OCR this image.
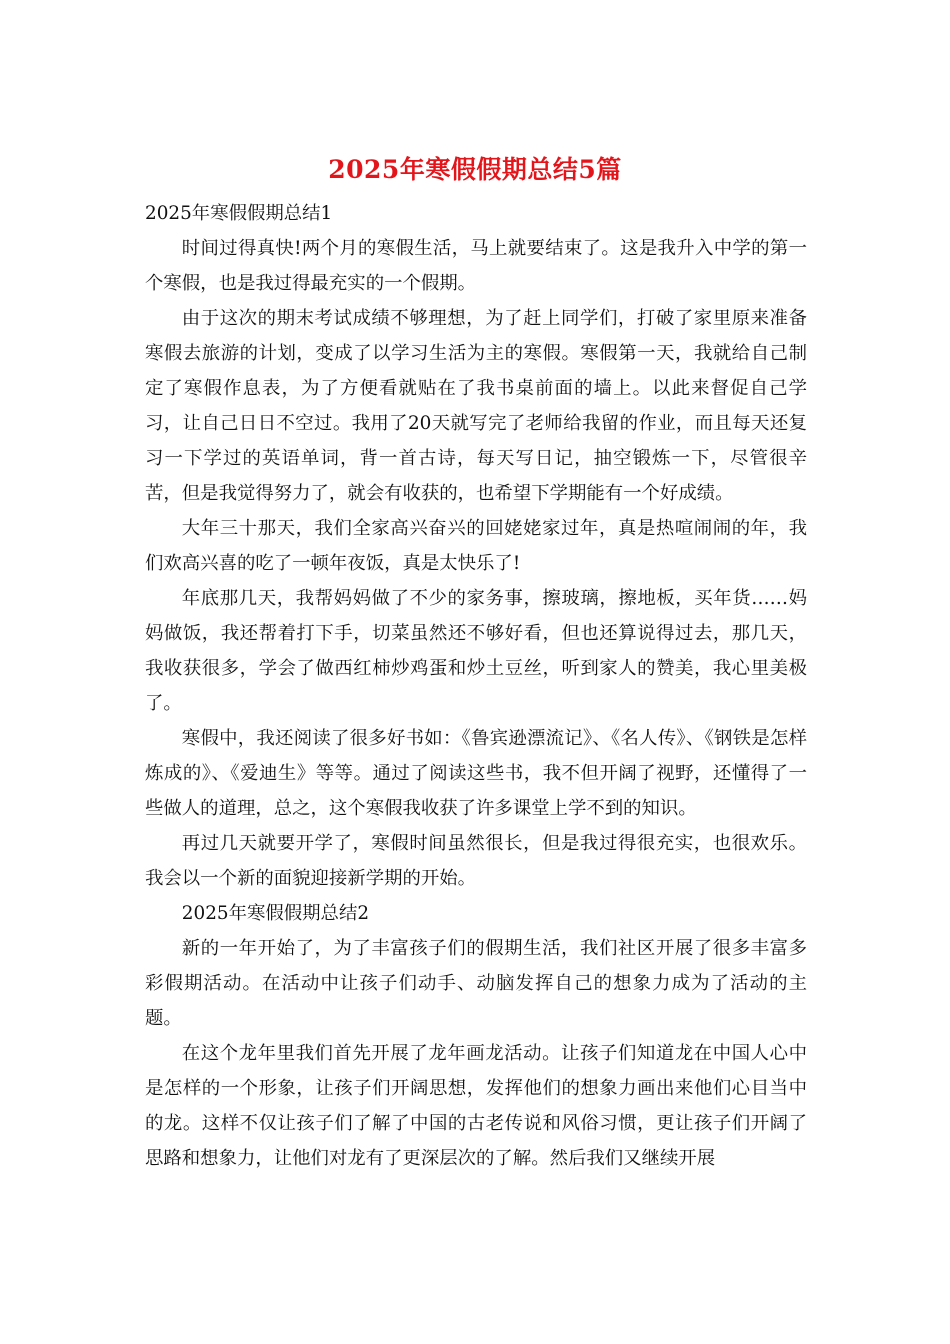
2025年寒假假期总结5篇

2025年寒假假期总结1

时间过得真快!两个月的寒假生活，马上就要结束了。这是我升入中学的第一个寒假，也是我过得最充实的一个假期。

由于这次的期末考试成绩不够理想，为了赶上同学们，打破了家里原来准备寒假去旅游的计划，变成了以学习生活为主的寒假。寒假第一天，我就给自己制定了寒假作息表，为了方便看就贴在了我书桌前面的墙上。以此来督促自己学习，让自己日日不空过。我用了20天就写完了老师给我留的作业，而且每天还复习一下学过的英语单词，背一首古诗，每天写日记，抽空锻炼一下，尽管很辛苦，但是我觉得努力了，就会有收获的，也希望下学期能有一个好成绩。

大年三十那天，我们全家高兴奋兴的回姥姥家过年，真是热喧闹闹的年，我们欢高兴喜的吃了一顿年夜饭，真是太快乐了!

年底那几天，我帮妈妈做了不少的家务事，擦玻璃，擦地板，买年货……妈妈做饭，我还帮着打下手，切菜虽然还不够好看，但也还算说得过去，那几天，我收获很多，学会了做西红柿炒鸡蛋和炒土豆丝，听到家人的赞美，我心里美极了。

寒假中，我还阅读了很多好书如：《鲁宾逊漂流记》、《名人传》、《钢铁是怎样炼成的》、《爱迪生》等等。通过了阅读这些书，我不但开阔了视野，还懂得了一些做人的道理，总之，这个寒假我收获了许多课堂上学不到的知识。

再过几天就要开学了，寒假时间虽然很长，但是我过得很充实，也很欢乐。我会以一个新的面貌迎接新学期的开始。

2025年寒假假期总结2

新的一年开始了，为了丰富孩子们的假期生活，我们社区开展了很多丰富多彩假期活动。在活动中让孩子们动手、动脑发挥自己的想象力成为了活动的主题。

在这个龙年里我们首先开展了龙年画龙活动。让孩子们知道龙在中国人心中是怎样的一个形象，让孩子们开阔思想，发挥他们的想象力画出来他们心目当中的龙。这样不仅让孩子们了解了中国的古老传说和风俗习惯，更让孩子们开阔了思路和想象力，让他们对龙有了更深层次的了解。然后我们又继续开展
